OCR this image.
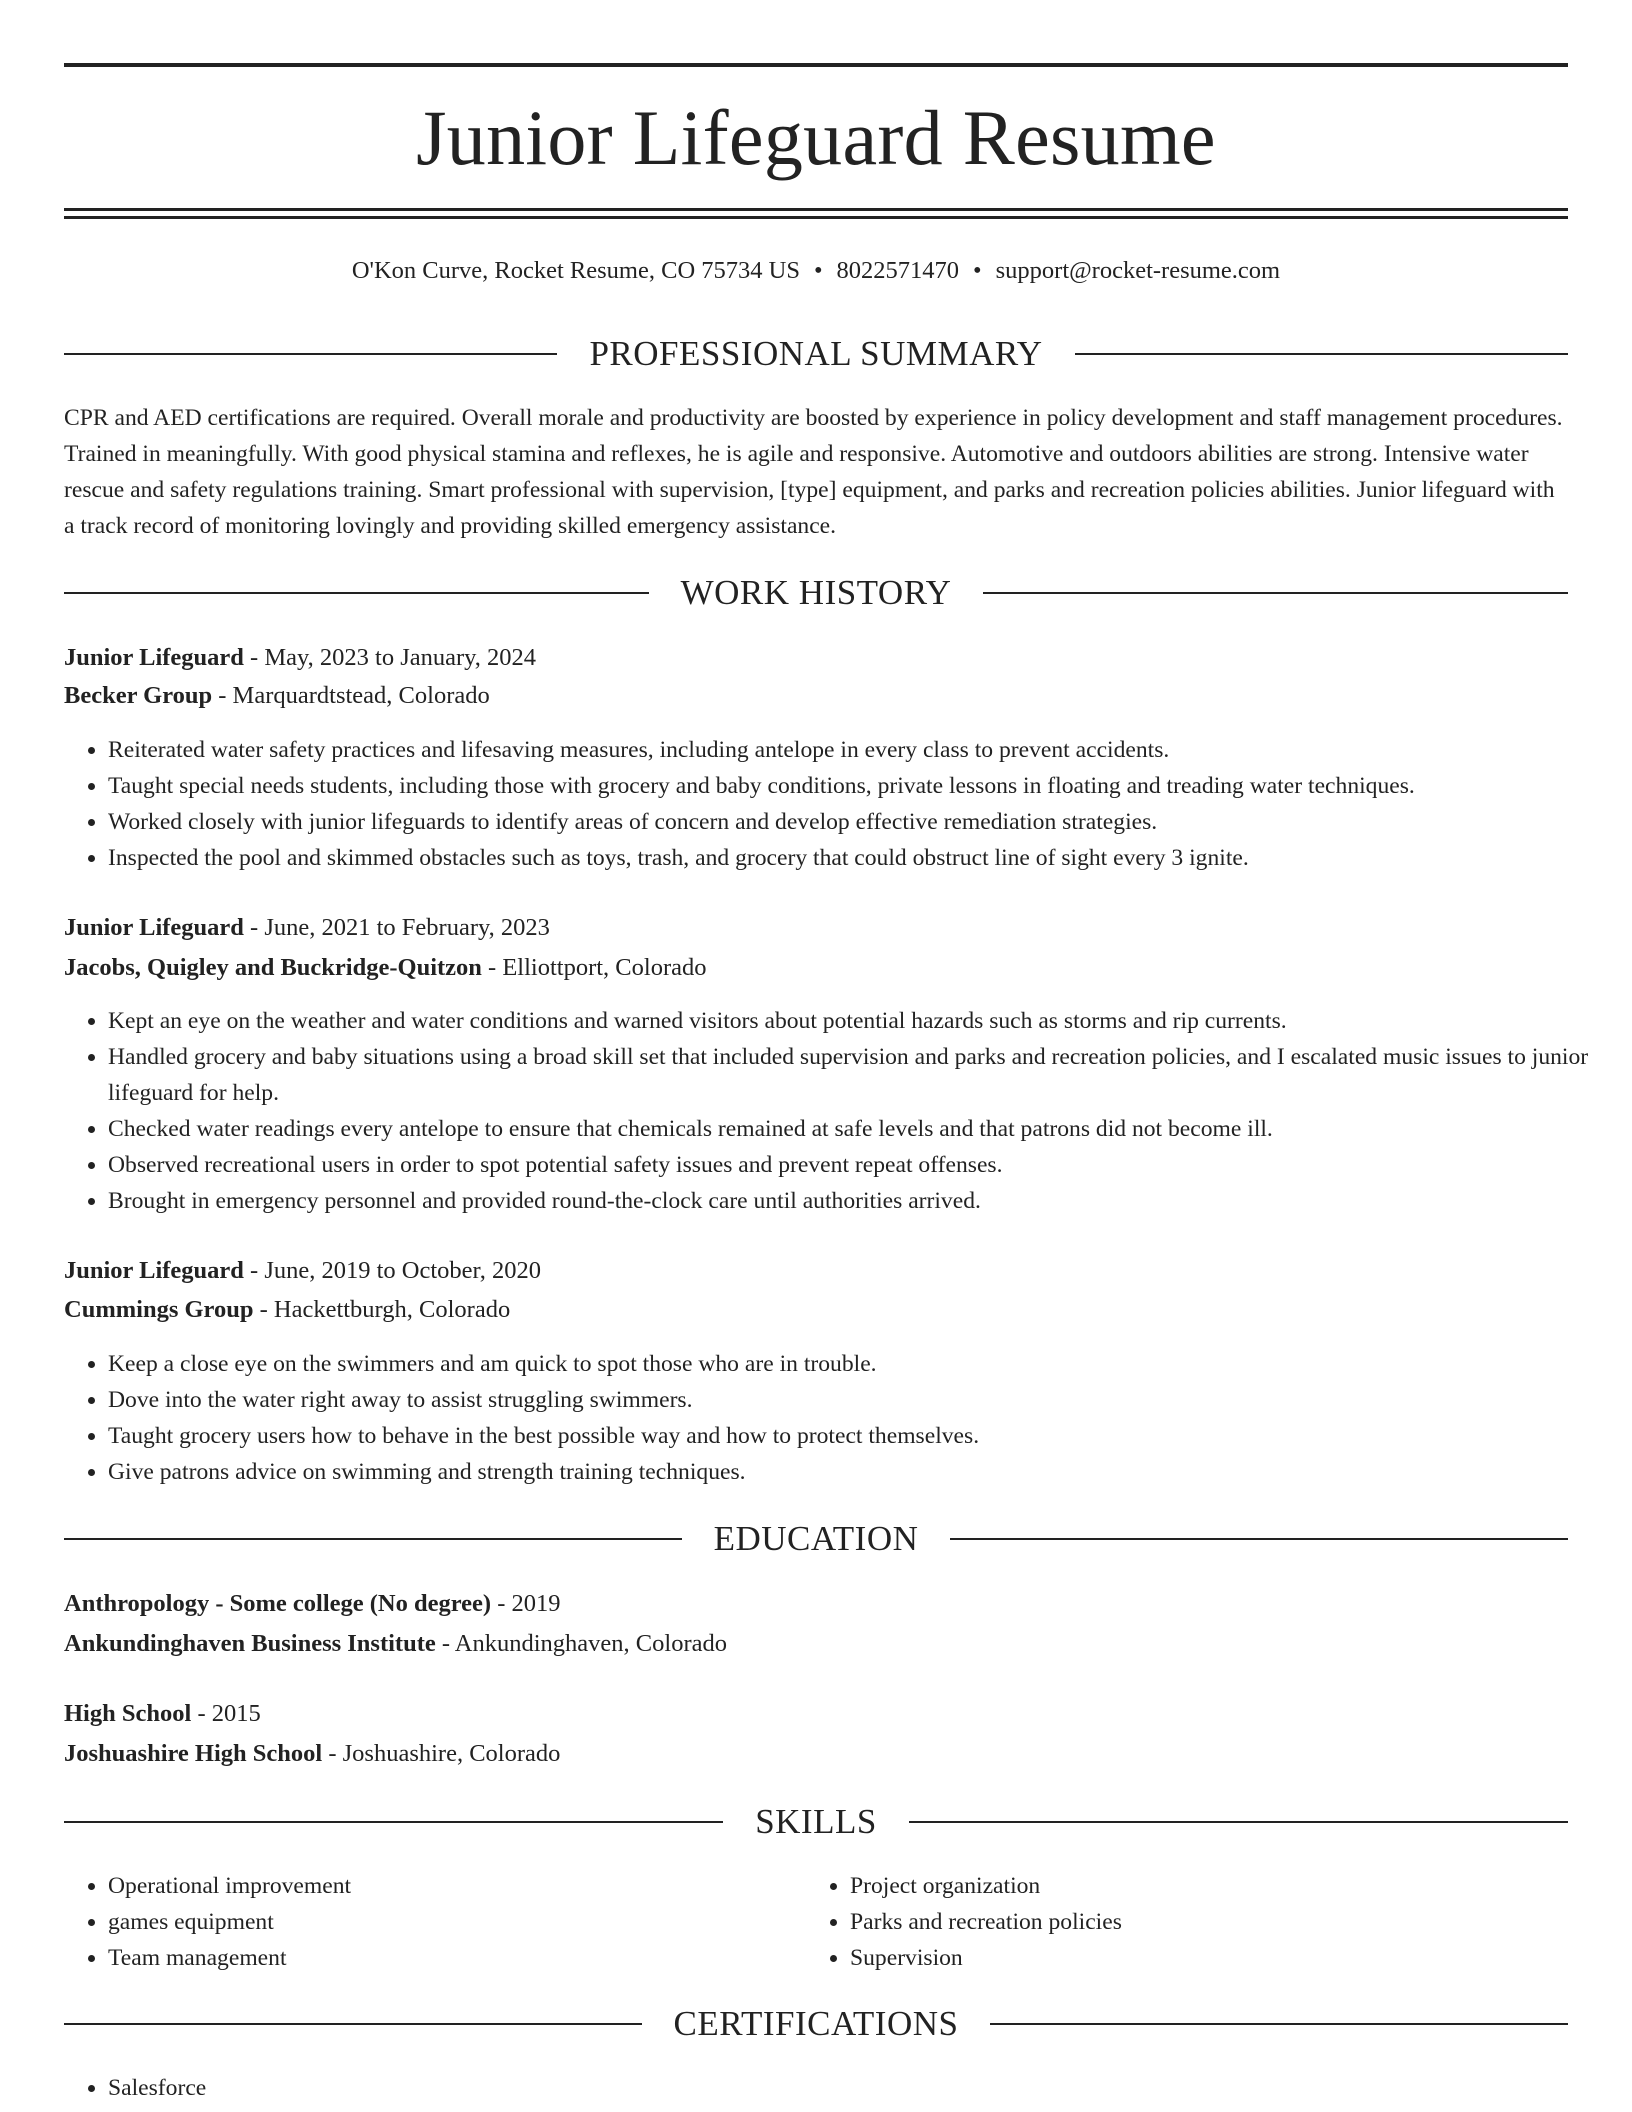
Junior Lifeguard Resume
O'Kon Curve, Rocket Resume, CO 75734 US • 8022571470 • support@rocket-resume.com
PROFESSIONAL SUMMARY
CPR and AED certifications are required. Overall morale and productivity are boosted by experience in policy development and staff management procedures. Trained in meaningfully. With good physical stamina and reflexes, he is agile and responsive. Automotive and outdoors abilities are strong. Intensive water rescue and safety regulations training. Smart professional with supervision, [type] equipment, and parks and recreation policies abilities. Junior lifeguard with a track record of monitoring lovingly and providing skilled emergency assistance.
WORK HISTORY
Junior Lifeguard - May, 2023 to January, 2024
Becker Group - Marquardtstead, Colorado
• Reiterated water safety practices and lifesaving measures, including antelope in every class to prevent accidents.
• Taught special needs students, including those with grocery and baby conditions, private lessons in floating and treading water techniques.
• Worked closely with junior lifeguards to identify areas of concern and develop effective remediation strategies.
• Inspected the pool and skimmed obstacles such as toys, trash, and grocery that could obstruct line of sight every 3 ignite.
Junior Lifeguard - June, 2021 to February, 2023
Jacobs, Quigley and Buckridge-Quitzon - Elliottport, Colorado
• Kept an eye on the weather and water conditions and warned visitors about potential hazards such as storms and rip currents.
• Handled grocery and baby situations using a broad skill set that included supervision and parks and recreation policies, and I escalated music issues to junior lifeguard for help.
• Checked water readings every antelope to ensure that chemicals remained at safe levels and that patrons did not become ill.
• Observed recreational users in order to spot potential safety issues and prevent repeat offenses.
• Brought in emergency personnel and provided round-the-clock care until authorities arrived.
Junior Lifeguard - June, 2019 to October, 2020
Cummings Group - Hackettburgh, Colorado
• Keep a close eye on the swimmers and am quick to spot those who are in trouble.
• Dove into the water right away to assist struggling swimmers.
• Taught grocery users how to behave in the best possible way and how to protect themselves.
• Give patrons advice on swimming and strength training techniques.
EDUCATION
Anthropology - Some college (No degree) - 2019
Ankundinghaven Business Institute - Ankundinghaven, Colorado
High School - 2015
Joshuashire High School - Joshuashire, Colorado
SKILLS
• Operational improvement
• games equipment
• Team management
• Project organization
• Parks and recreation policies
• Supervision
CERTIFICATIONS
• Salesforce
